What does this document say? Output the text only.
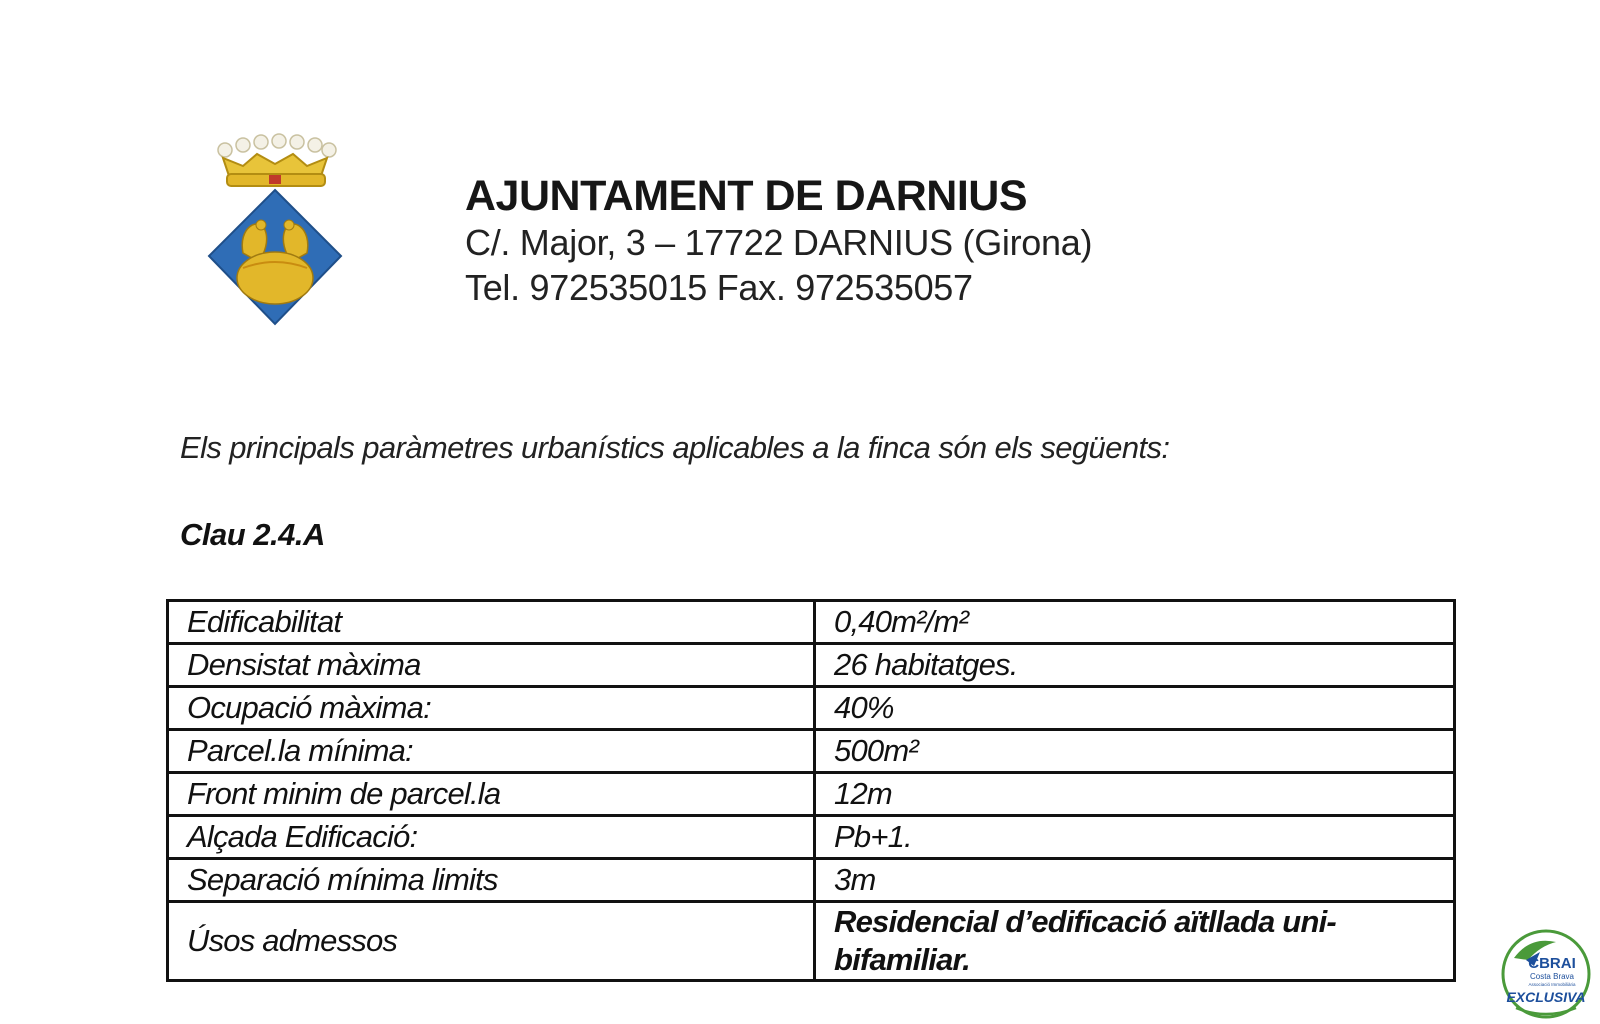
AJUNTAMENT DE DARNIUS
C/. Major, 3 – 17722 DARNIUS (Girona)
Tel. 972535015 Fax. 972535057
Els principals paràmetres urbanístics aplicables a la finca són els següents:
Clau 2.4.A
Edificabilitat	0,40m²/m²
Densistat màxima	26 habitatges.
Ocupació màxima:	40%
Parcel.la mínima:	500m²
Front minim de parcel.la	12m
Alçada Edificació:	Pb+1.
Separació mínima limits	3m
Úsos admessos	Residencial d’edificació aïtllada uni-bifamiliar.	CBRAI
Costa Brava
Associació Immobiliària
EXCLUSIVA
